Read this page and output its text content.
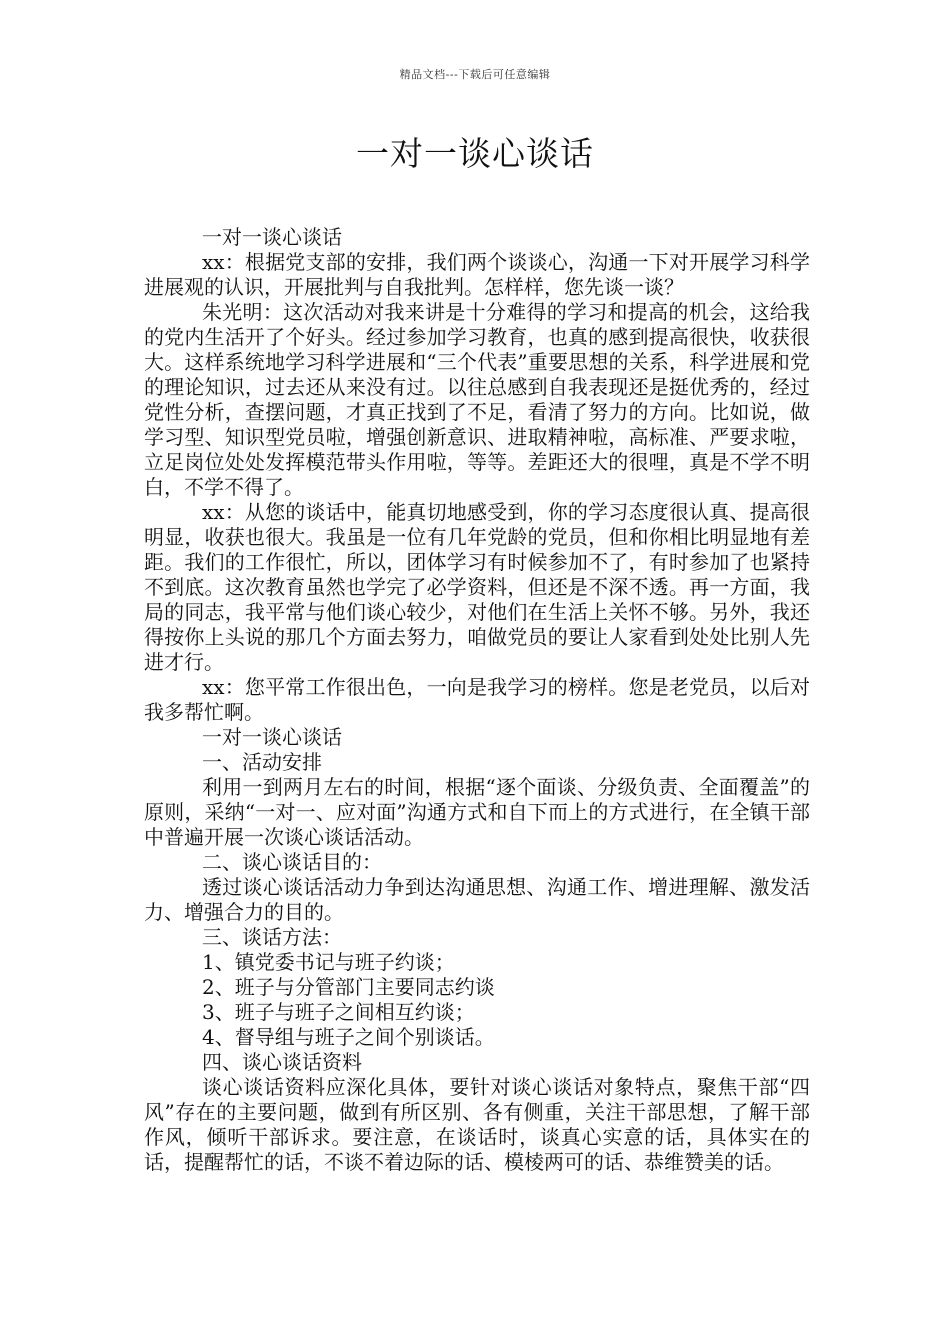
精品文档---下载后可任意编辑
一对一谈心谈话

一对一谈心谈话

xx：根据党支部的安排，我们两个谈谈心，沟通一下对开展学习科学进展观的认识，开展批判与自我批判。怎样样，您先谈一谈？

朱光明：这次活动对我来讲是十分难得的学习和提高的机会，这给我的党内生活开了个好头。经过参加学习教育，也真的感到提高很快，收获很大。这样系统地学习科学进展和“三个代表”重要思想的关系，科学进展和党的理论知识，过去还从来没有过。以往总感到自我表现还是挺优秀的，经过党性分析，查摆问题，才真正找到了不足，看清了努力的方向。比如说，做学习型、知识型党员啦，增强创新意识、进取精神啦，高标准、严要求啦，立足岗位处处发挥模范带头作用啦，等等。差距还大的很哩，真是不学不明白，不学不得了。

xx：从您的谈话中，能真切地感受到，你的学习态度很认真、提高很明显，收获也很大。我虽是一位有几年党龄的党员，但和你相比明显地有差距。我们的工作很忙，所以，团体学习有时候参加不了，有时参加了也紧持不到底。这次教育虽然也学完了必学资料，但还是不深不透。再一方面，我局的同志，我平常与他们谈心较少，对他们在生活上关怀不够。另外，我还得按你上头说的那几个方面去努力，咱做党员的要让人家看到处处比别人先进才行。

xx：您平常工作很出色，一向是我学习的榜样。您是老党员，以后对我多帮忙啊。

一对一谈心谈话

一、活动安排

利用一到两月左右的时间，根据“逐个面谈、分级负责、全面覆盖”的原则，采纳“一对一、应对面”沟通方式和自下而上的方式进行，在全镇干部中普遍开展一次谈心谈话活动。

二、谈心谈话目的：

透过谈心谈话活动力争到达沟通思想、沟通工作、增进理解、激发活力、增强合力的目的。

三、谈话方法：

1、镇党委书记与班子约谈；

2、班子与分管部门主要同志约谈

3、班子与班子之间相互约谈；

4、督导组与班子之间个别谈话。

四、谈心谈话资料

谈心谈话资料应深化具体，要针对谈心谈话对象特点，聚焦干部“四风”存在的主要问题，做到有所区别、各有侧重，关注干部思想，了解干部作风，倾听干部诉求。要注意，在谈话时，谈真心实意的话，具体实在的话，提醒帮忙的话，不谈不着边际的话、模棱两可的话、恭维赞美的话。
